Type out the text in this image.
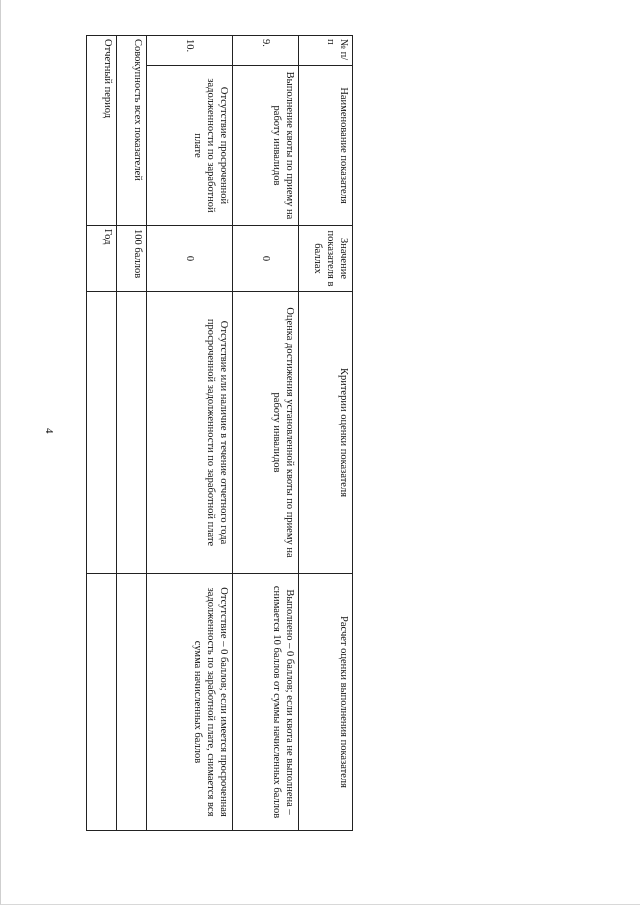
4
№ п/п	Наименование показателя	Значение показателя в баллах	Критерии оценки показателя	Расчет оценки выполнения показателя
9.	Выполнение квоты по приему на работу инвалидов	0	Оценка достижения установленной квоты по приему на работу инвалидов	Выполнено – 0 баллов; если квота не выполнена – снимается 10 баллов от суммы начисленных баллов
10.	Отсутствие просроченной задолженности по заработной плате	0	Отсутствие или наличие в течение отчетного года просроченной задолженности по заработной плате	Отсутствие – 0 баллов; если имеется просроченная задолженность по заработной плате, снимается вся сумма начисленных баллов
Совокупность всех показателей		100 баллов		
Отчетный период		Год		
